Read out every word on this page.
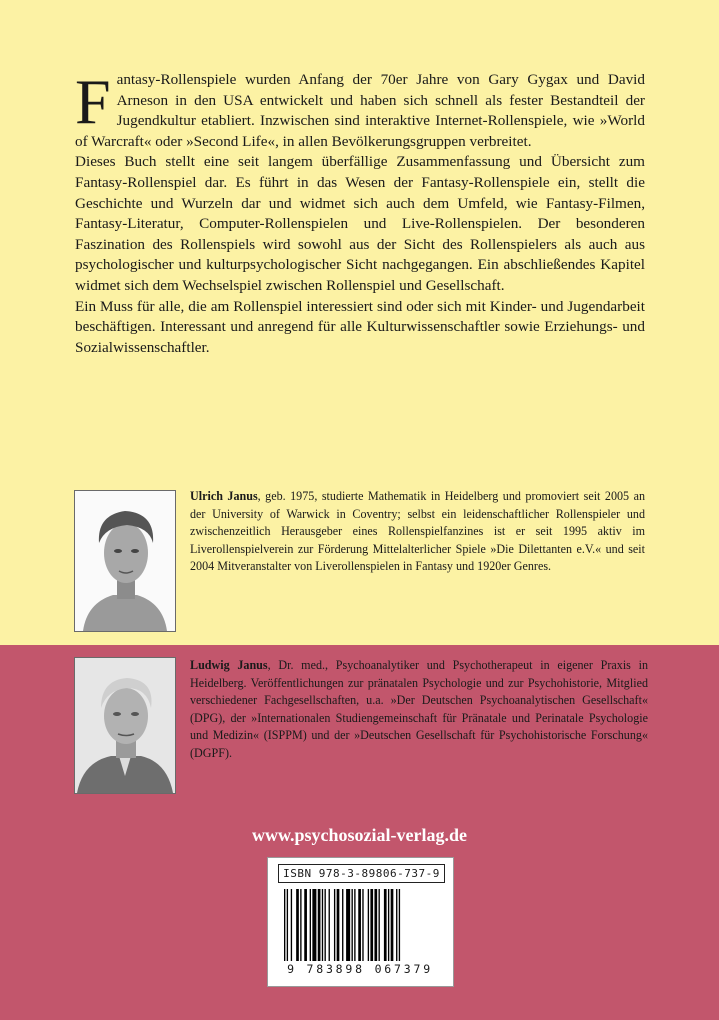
Fantasy-Rollenspiele wurden Anfang der 70er Jahre von Gary Gygax und David Arneson in den USA entwickelt und haben sich schnell als fester Bestandteil der Jugendkultur etabliert. Inzwischen sind interaktive Internet-Rollenspiele, wie »World of Warcraft« oder »Second Life«, in allen Bevölkerungsgruppen verbreitet.

Dieses Buch stellt eine seit langem überfällige Zusammenfassung und Übersicht zum Fantasy-Rollenspiel dar. Es führt in das Wesen der Fantasy-Rollenspiele ein, stellt die Geschichte und Wurzeln dar und widmet sich auch dem Umfeld, wie Fantasy-Filmen, Fantasy-Literatur, Computer-Rollenspielen und Live-Rollenspielen. Der besonderen Faszination des Rollenspiels wird sowohl aus der Sicht des Rollenspielers als auch aus psychologischer und kulturpsychologischer Sicht nachgegangen. Ein abschließendes Kapitel widmet sich dem Wechselspiel zwischen Rollenspiel und Gesellschaft.

Ein Muss für alle, die am Rollenspiel interessiert sind oder sich mit Kinder- und Jugendarbeit beschäftigen. Interessant und anregend für alle Kulturwissenschaftler sowie Erziehungs- und Sozialwissenschaftler.

Ulrich Janus, geb. 1975, studierte Mathematik in Heidelberg und promoviert seit 2005 an der University of Warwick in Coventry; selbst ein leidenschaftlicher Rollenspieler und zwischenzeitlich Herausgeber eines Rollenspielfanzines ist er seit 1995 aktiv im Liverollenspielverein zur Förderung Mittelalterlicher Spiele »Die Dilettanten e.V.« und seit 2004 Mitveranstalter von Liverollenspielen in Fantasy und 1920er Genres.
Ludwig Janus, Dr. med., Psychoanalytiker und Psychotherapeut in eigener Praxis in Heidelberg. Veröffentlichungen zur pränatalen Psychologie und zur Psychohistorie, Mitglied verschiedener Fachgesellschaften, u.a. »Der Deutschen Psychoanalytischen Gesellschaft« (DPG), der »Internationalen Studiengemeinschaft für Pränatale und Perinatale Psychologie und Medizin« (ISPPM) und der »Deutschen Gesellschaft für Psychohistorische Forschung« (DGPF).
www.psychosozial-verlag.de
ISBN 978-3-89806-737-9
9 783898 067379
